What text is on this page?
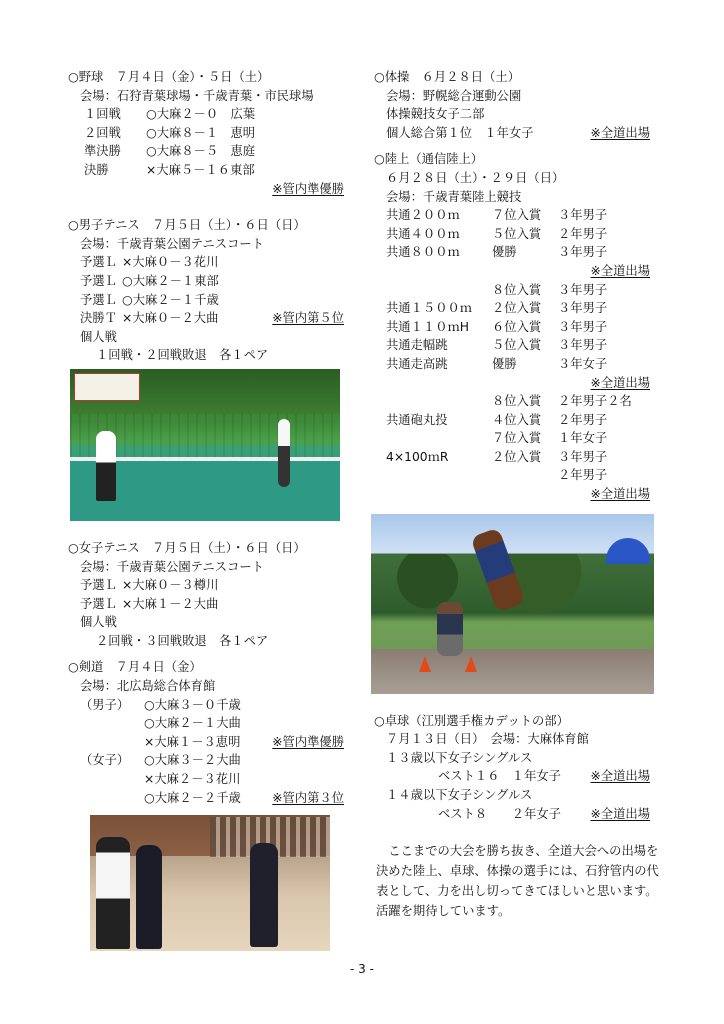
○野球　７月４日（金）・５日（土）
会場：石狩青葉球場・千歳青葉・市民球場
１回戦 ○大麻２－０　広葉
２回戦 ○大麻８－１　恵明
準決勝 ○大麻８－５　恵庭
決勝	×大麻５－１６東部
※管内準優勝
○男子テニス　７月５日（土）・６日（日）
会場：千歳青葉公園テニスコート
予選Ｌ ×大麻０－３花川
予選Ｌ ○大麻２－１東部
予選Ｌ ○大麻２－１千歳
決勝Ｔ ×大麻０－２大曲	※管内第５位
個人戦
１回戦・２回戦敗退　各１ペア
○女子テニス　７月５日（土）・６日（日）
会場：千歳青葉公園テニスコート
予選Ｌ ×大麻０－３樽川
予選Ｌ ×大麻１－２大曲
個人戦
２回戦・３回戦敗退　各１ペア
○剣道　７月４日（金）
会場：北広島総合体育館
（男子） ○大麻３－０千歳
○大麻２－１大曲
×大麻１－３恵明	※管内準優勝
（女子） ○大麻３－２大曲
×大麻２－３花川
○大麻２－２千歳	※管内第３位
○体操　６月２８日（土）
会場：野幌総合運動公園
体操競技女子二部
個人総合第１位　１年女子	※全道出場
○陸上（通信陸上）
６月２８日（土）・２９日（日）
会場：千歳青葉陸上競技
共通２００ｍ	７位入賞 ３年男子
共通４００ｍ	５位入賞 ２年男子
共通８００ｍ	優勝	３年男子
※全道出場
８位入賞 ３年男子
共通１５００ｍ ２位入賞 ３年男子
共通１１０ｍH ６位入賞 ３年男子
共通走幅跳	５位入賞 ３年男子
共通走高跳	優勝	３年女子
※全道出場
８位入賞 ２年男子２名
共通砲丸投	４位入賞 ２年男子
７位入賞 １年女子
4×100ｍR	２位入賞 ３年男子
２年男子
※全道出場
○卓球（江別選手権カデットの部）
７月１３日（日）　会場：大麻体育館
１３歳以下女子シングルス
ベスト１６　１年女子 ※全道出場
１４歳以下女子シングルス
ベスト８　　２年女子 ※全道出場
　ここまでの大会を勝ち抜き、全道大会への出場を決めた陸上、卓球、体操の選手には、石狩管内の代表として、力を出し切ってきてほしいと思います。活躍を期待しています。
- 3 -
